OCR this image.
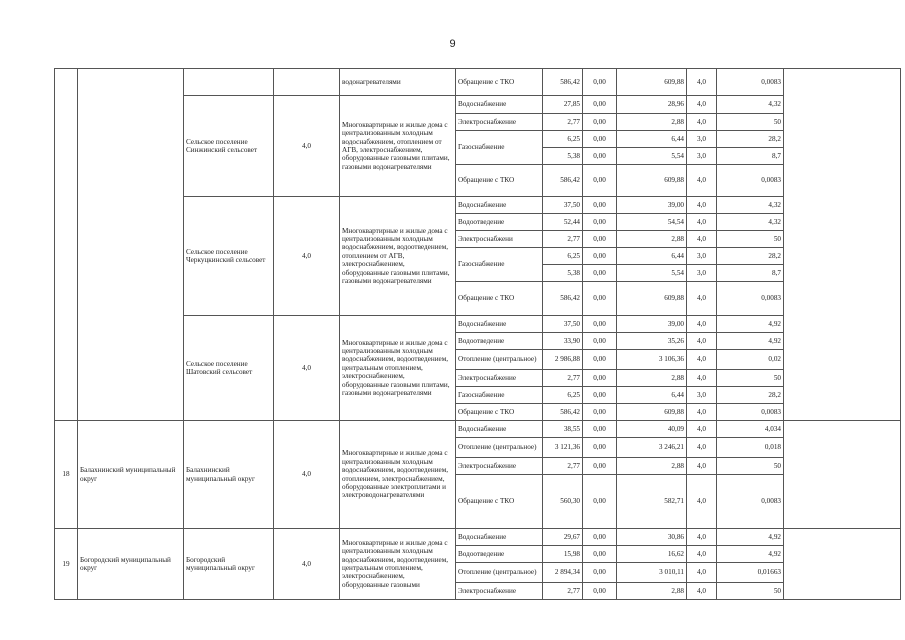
9
				водонагревателями	Обращение с ТКО	586,42	0,00	609,88	4,0	0,0083	
		Сельское поселение Синжинский сельсовет	4,0	Многоквартирные и жилые дома с централизованным холодным водоснабжением, отоплением от АГВ, электроснабжением, оборудованные газовыми плитами, газовыми водонагревателями	Водоснабжение	27,85	0,00	28,96	4,0	4,32	
					Электроснабжение	2,77	0,00	2,88	4,0	50	
					Газоснабжение	6,25	0,00	6,44	3,0	28,2	
						5,38	0,00	5,54	3,0	8,7	
					Обращение с ТКО	586,42	0,00	609,88	4,0	0,0083	
		Сельское поселение Черкуцкинский сельсовет	4,0	Многоквартирные и жилые дома с централизованным холодным водоснабжением, водоотведением, отоплением от АГВ, электроснабжением, оборудованные газовыми плитами, газовыми водонагревателями	Водоснабжение	37,50	0,00	39,00	4,0	4,32	
					Водоотведение	52,44	0,00	54,54	4,0	4,32	
					Электроснабжени	2,77	0,00	2,88	4,0	50	
					Газоснабжение	6,25	0,00	6,44	3,0	28,2	
						5,38	0,00	5,54	3,0	8,7	
					Обращение с ТКО	586,42	0,00	609,88	4,0	0,0083	
		Сельское поселение Шатовский сельсовет	4,0	Многоквартирные и жилые дома с централизованным холодным водоснабжением, водоотведением, центральным отоплением, электроснабжением, оборудованные газовыми плитами, газовыми водонагревателями	Водоснабжение	37,50	0,00	39,00	4,0	4,92	
					Водоотведение	33,90	0,00	35,26	4,0	4,92	
					Отопление (центральное)	2 986,88	0,00	3 106,36	4,0	0,02	
					Электроснабжение	2,77	0,00	2,88	4,0	50	
					Газоснабжение	6,25	0,00	6,44	3,0	28,2	
					Обращение с ТКО	586,42	0,00	609,88	4,0	0,0083	
18	Балахнинский муниципальный округ	Балахнинский муниципальный округ	4,0	Многоквартирные и жилые дома с централизованным холодным водоснабжением, водоотведением, отоплением, электроснабжением, оборудованные электроплитами и электроводонагревателями	Водоснабжение	38,55	0,00	40,09	4,0	4,034	
					Отопление (центральное)	3 121,36	0,00	3 246,21	4,0	0,018	
					Электроснабжение	2,77	0,00	2,88	4,0	50	
					Обращение с ТКО	560,30	0,00	582,71	4,0	0,0083	
19	Богородский муниципальный округ	Богородский муниципальный округ	4,0	Многоквартирные и жилые дома с централизованным холодным водоснабжением, водоотведением, центральным отоплением, электроснабжением, оборудованные газовыми	Водоснабжение	29,67	0,00	30,86	4,0	4,92	
					Водоотведение	15,98	0,00	16,62	4,0	4,92	
					Отопление (центральное)	2 894,34	0,00	3 010,11	4,0	0,01663	
					Электроснабжение	2,77	0,00	2,88	4,0	50	
